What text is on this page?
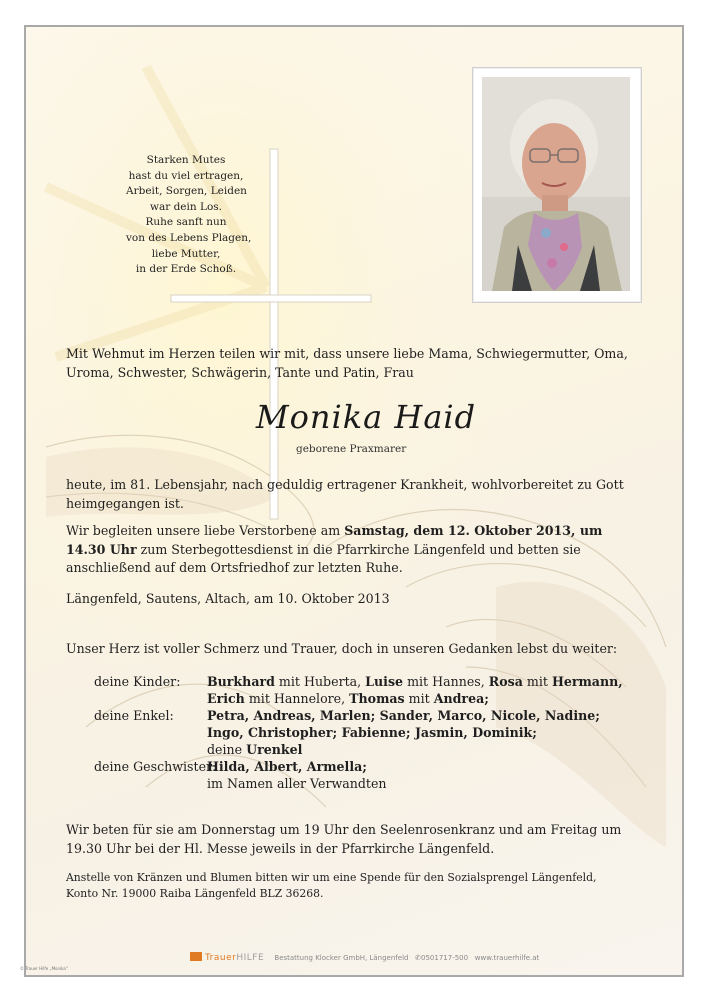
Starken Mutes
hast du viel ertragen,
Arbeit, Sorgen, Leiden
war dein Los.
Ruhe sanft nun
von des Lebens Plagen,
liebe Mutter,
in der Erde Schoß.
Mit Wehmut im Herzen teilen wir mit, dass unsere liebe Mama, Schwiegermutter, Oma, Uroma, Schwester, Schwägerin, Tante und Patin, Frau
Monika Haid
geborene Praxmarer
heute, im 81. Lebensjahr, nach geduldig ertragener Krankheit, wohlvorbereitet zu Gott heimgegangen ist.
Wir begleiten unsere liebe Verstorbene am Samstag, dem 12. Oktober 2013, um 14.30 Uhr zum Sterbegottesdienst in die Pfarrkirche Längenfeld und betten sie anschließend auf dem Ortsfriedhof zur letzten Ruhe.
Längenfeld, Sautens, Altach, am 10. Oktober 2013
Unser Herz ist voller Schmerz und Trauer, doch in unseren Gedanken lebst du weiter:
deine Kinder: Burkhard mit Huberta, Luise mit Hannes, Rosa mit Hermann,
Erich mit Hannelore, Thomas mit Andrea;
deine Enkel:	Petra, Andreas, Marlen; Sander, Marco, Nicole, Nadine;
Ingo, Christopher; Fabienne; Jasmin, Dominik;
deine Urenkel
deine Geschwister:
Hilda, Albert, Armella;
im Namen aller Verwandten
Wir beten für sie am Donnerstag um 19 Uhr den Seelenrosenkranz und am Freitag um 19.30 Uhr bei der Hl. Messe jeweils in der Pfarrkirche Längenfeld.
Anstelle von Kränzen und Blumen bitten wir um eine Spende für den Sozialsprengel Längenfeld, Konto Nr. 19000 Raiba Längenfeld BLZ 36268.
TrauerHILFE Bestattung Klocker GmbH, Längenfeld ✆0501717-500 www.trauerhilfe.at
© Trauer Hilfe „Monika"
